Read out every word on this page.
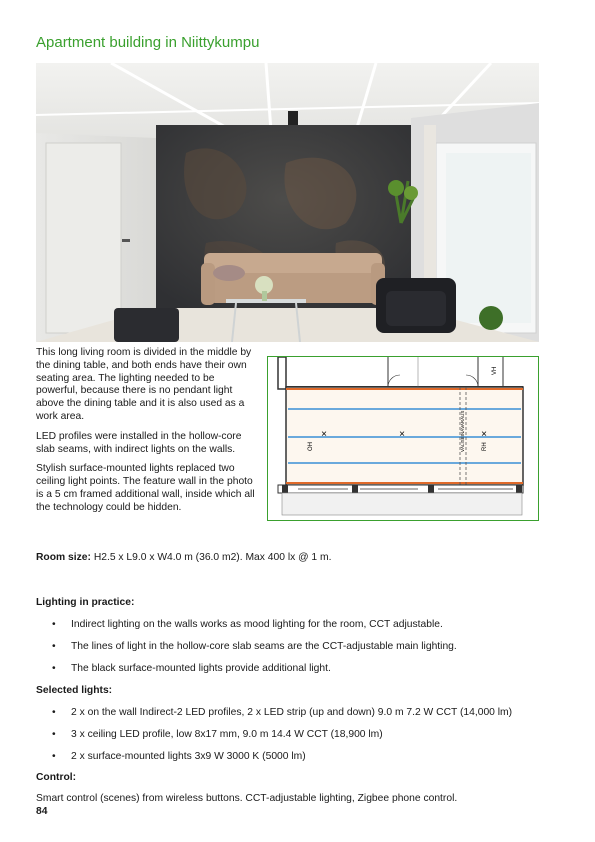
Apartment building in Niittykumpu

This long living room is divided in the middle by the dining table, and both ends have their own seating area. The lighting needed to be powerful, because there is no pendant light above the dining table and it is also used as a work area.

LED profiles were installed in the hollow-core slab seams, with indirect lights on the walls.

Stylish surface-mounted lights replaced two ceiling light points. The feature wall in the photo is a 5 cm framed additional wall, inside which all the technology could be hidden.

VH
VÄLISEINÄVARAUS
×	×	×
OH	RH
Room size: H2.5 x L9.0 x W4.0 m (36.0 m2). Max 400 lx @ 1 m.
Lighting in practice:
• Indirect lighting on the walls works as mood lighting for the room, CCT adjustable.
• The lines of light in the hollow-core slab seams are the CCT-adjustable main lighting.
• The black surface-mounted lights provide additional light.
Selected lights:
• 2 x on the wall Indirect-2 LED profiles, 2 x LED strip (up and down) 9.0 m 7.2 W CCT (14,000 lm)
• 3 x ceiling LED profile, low 8x17 mm, 9.0 m 14.4 W CCT (18,900 lm)
• 2 x surface-mounted lights 3x9 W 3000 K (5000 lm)
Control:
Smart control (scenes) from wireless buttons. CCT-adjustable lighting, Zigbee phone control.
84
